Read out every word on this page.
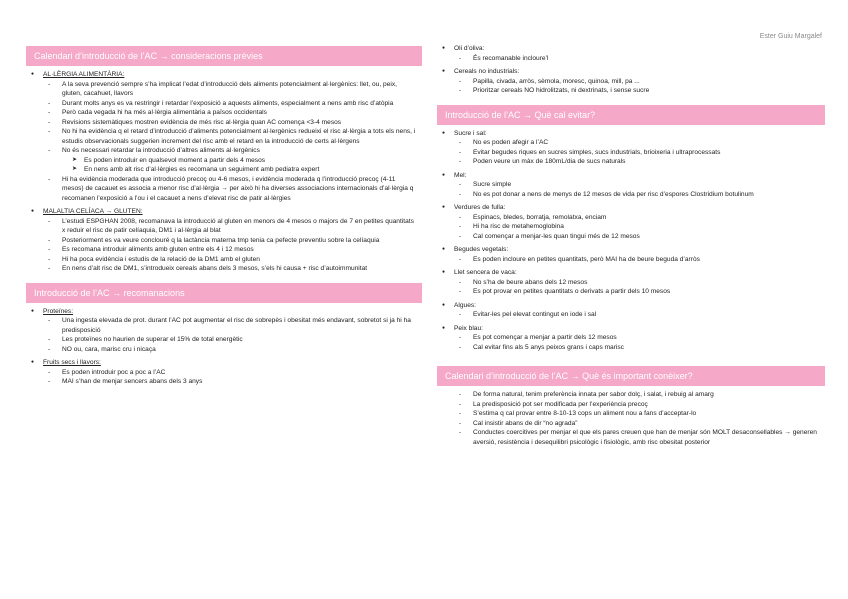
Ester Guiu Margalef
Calendari d’introducció de l’AC → consideracions prèvies
● AL·LÈRGIA ALIMENTÀRIA:
- A la seva prevenció sempre s’ha implicat l’edat d’introducció dels aliments potencialment al·lergènics: llet, ou, peix, gluten, cacahuet, llavors
- Durant molts anys es va restringir i retardar l’exposició a aquests aliments, especialment a nens amb risc d’atòpia
- Però cada vegada hi ha més al·lèrgia alimentària a països occidentals
- Revisions sistemàtiques mostren evidència de més risc al·lèrgia quan AC comença <3-4 mesos
- No hi ha evidència q el retard d’introducció d’aliments potencialment al·lergènics redueixi el risc al·lèrgia a tots els nens, i estudis observacionals suggerien increment del risc amb el retard en la introducció de certs al·lèrgens
- No és necessari retardar la introducció d’altres aliments al·lergènics
➤ Es poden introduir en qualsevol moment a partir dels 4 mesos
➤ En nens amb alt risc d’al·lèrgies es recomana un seguiment amb pediatra expert
- Hi ha evidència moderada que introducció precoç ou 4-6 mesos, i evidència moderada q l’introducció precoç (4-11 mesos) de cacauet es associa a menor risc d’al·lèrgia → per això hi ha diverses associacions internacionals d’al·lèrgia q recomanen l’exposició a l’ou i el cacauet a nens d’elevat risc de patir al·lèrgies
● MALALTIA CELÍACA → GLUTEN:
- L’estudi ESPGHAN 2008, recomanava la introducció al gluten en menors de 4 mesos o majors de 7 en petites quantitats x reduir el risc de patir celíaquia, DM1 i al·lèrgia al blat
- Posteriorment es va veure conclouré q la lactància materna tmp tenia ca pefecte preventiu sobre la celíaquia
- Es recomana introduir aliments amb gluten entre els 4 i 12 mesos
- Hi ha poca evidència i estudis de la relació de la DM1 amb el gluten
- En nens d’alt risc de DM1, s’introdueix cereals abans dels 3 mesos, s’els hi causa + risc d’autoimmunitat
Introducció de l’AC → recomanacions
● Proteïnes:
- Una ingesta elevada de prot. durant l’AC pot augmentar el risc de sobrepès i obesitat més endavant, sobretot si ja hi ha predisposició
- Les proteïnes no haurien de superar el 15% de total energètic
- NO ou, cara, marisc cru i nicaça
● Fruits secs i llavors:
- Es poden introduir poc a poc a l’AC
- MAI s’han de menjar sencers abans dels 3 anys
● Oli d’oliva:
- És recomanable incloure’l
● Cereals no industrials:
- Papilla, civada, arròs, sèmola, moresc, quinoa, mill, pa ...
- Prioritzar cereals NO hidrolitzats, ni dextrinats, i sense sucre
Introducció de l’AC → Què cal evitar?
● Sucre i sal:
- No es poden afegir a l’AC
- Evitar begudes riques en sucres simples, sucs industrials, brioixeria i ultraprocessats
- Poden veure un màx de 180mL/dia de sucs naturals
● Mel:
- Sucre simple
- No es pot donar a nens de menys de 12 mesos de vida per risc d’espores Clostridium botulinum
● Verdures de fulla:
- Espinacs, bledes, borratja, remolatxa, enciam
- Hi ha risc de metahemoglobina
- Cal començar a menjar-les quan tingui més de 12 mesos
● Begudes vegetals:
- Es poden incloure en petites quantitats, però MAI ha de beure beguda d’arròs
● Llet sencera de vaca:
- No s’ha de beure abans dels 12 mesos
- Es pot provar en petites quantitats o derivats a partir dels 10 mesos
● Algues:
- Evitar-les pel elevat contingut en iode i sal
● Peix blau:
- Es pot començar a menjar a partir dels 12 mesos
- Cal evitar fins als 5 anys peixos grans i caps marisc
Calendari d’introducció de l’AC → Què és important conèixer?
- De forma natural, tenim preferència innata per sabor dolç, i salat, i rebuig al amarg
- La predisposició pot ser modificada per l’experiència precoç
- S’estima q cal provar entre 8-10-13 cops un aliment nou a fans d’acceptar-lo
- Cal insistir abans de dir “no agrada”
- Conductes coercitives per menjar el que els pares creuen que han de menjar són MOLT desaconsellables → generen aversió, resistència i desequilibri psicològic i fisiològic, amb risc obesitat posterior
